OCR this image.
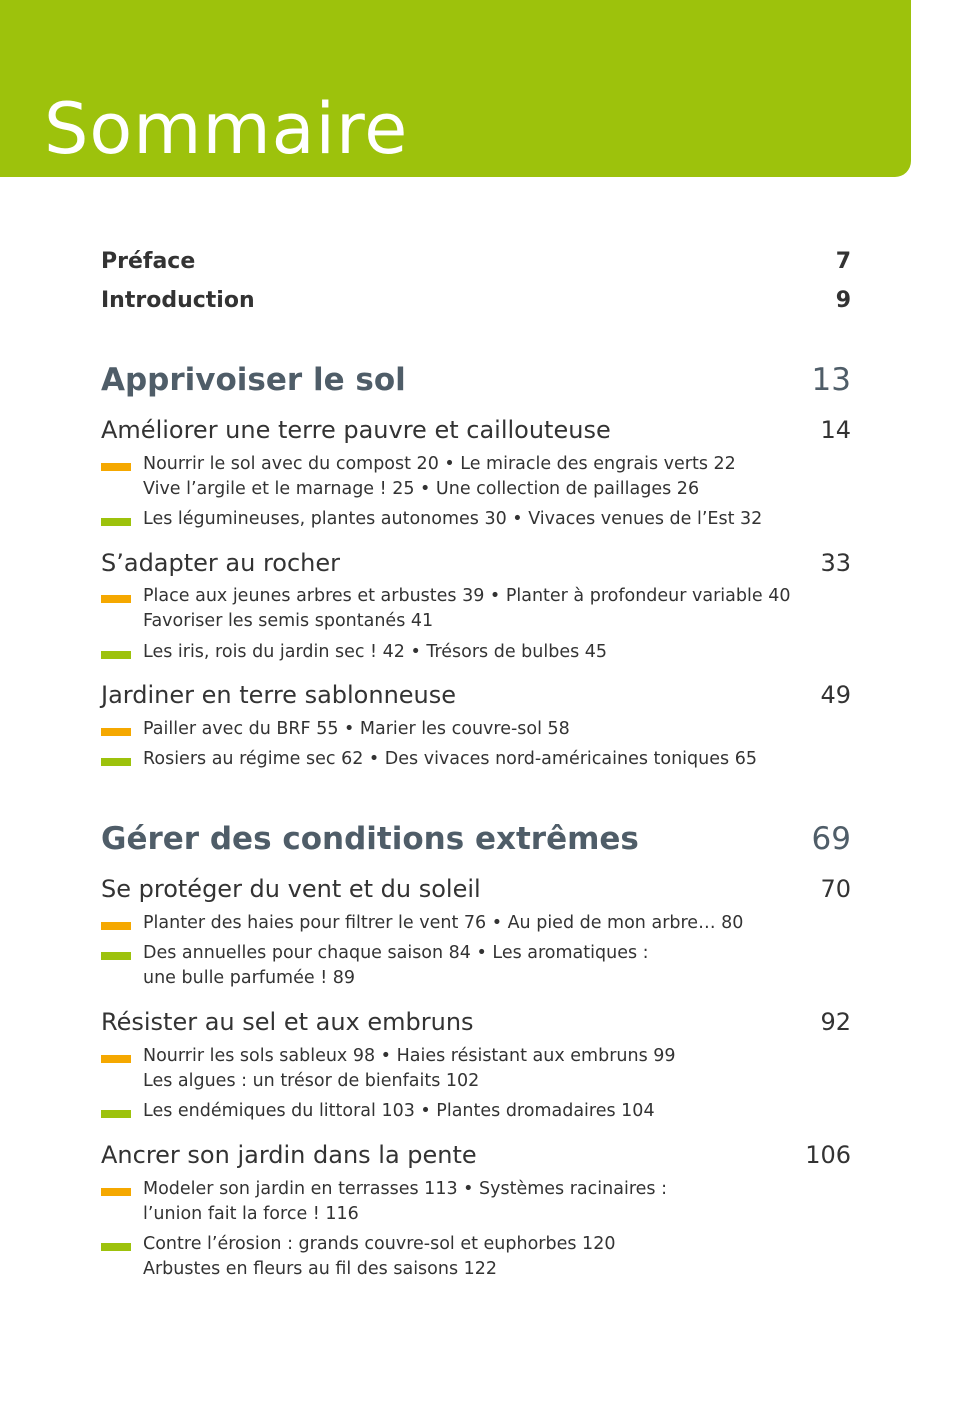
Sommaire
Préface	7
Introduction	9
Apprivoiser le sol	13
Améliorer une terre pauvre et caillouteuse	14
Nourrir le sol avec du compost 20 • Le miracle des engrais verts 22
Vive l’argile et le marnage ! 25 • Une collection de paillages 26
Les légumineuses, plantes autonomes 30 • Vivaces venues de l’Est 32
S’adapter au rocher	33
Place aux jeunes arbres et arbustes 39 • Planter à profondeur variable 40
Favoriser les semis spontanés 41
Les iris, rois du jardin sec ! 42 • Trésors de bulbes 45
Jardiner en terre sablonneuse	49
Pailler avec du BRF 55 • Marier les couvre-sol 58
Rosiers au régime sec 62 • Des vivaces nord-américaines toniques 65
Gérer des conditions extrêmes	69
Se protéger du vent et du soleil	70
Planter des haies pour filtrer le vent 76 • Au pied de mon arbre… 80
Des annuelles pour chaque saison 84 • Les aromatiques :
une bulle parfumée ! 89
Résister au sel et aux embruns	92
Nourrir les sols sableux 98 • Haies résistant aux embruns 99
Les algues : un trésor de bienfaits 102
Les endémiques du littoral 103 • Plantes dromadaires 104
Ancrer son jardin dans la pente	106
Modeler son jardin en terrasses 113 • Systèmes racinaires :
l’union fait la force ! 116
Contre l’érosion : grands couvre-sol et euphorbes 120
Arbustes en fleurs au fil des saisons 122
